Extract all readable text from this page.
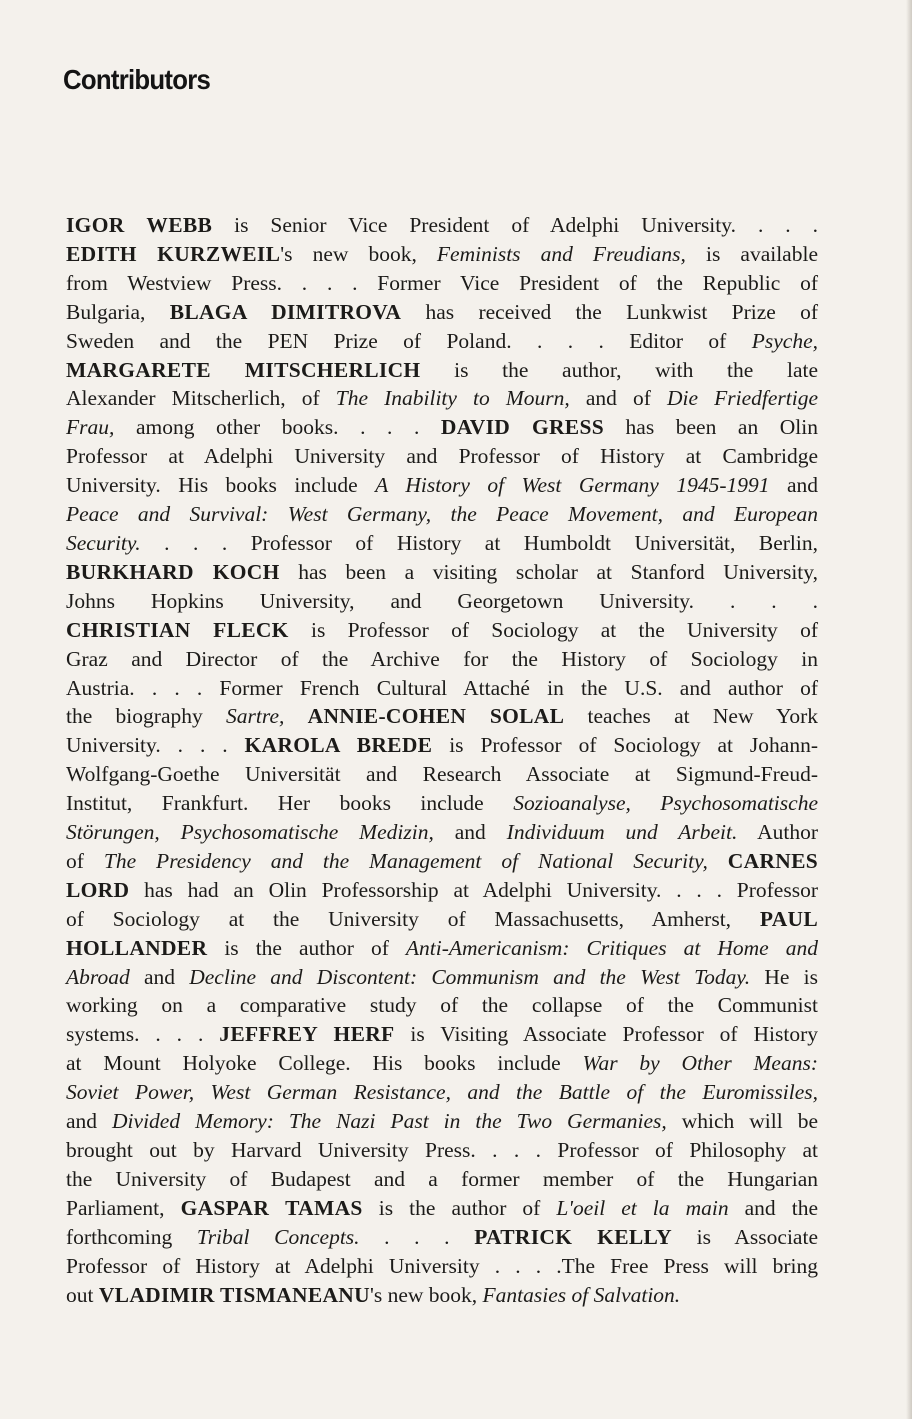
Contributors
IGOR WEBB is Senior Vice President of Adelphi University. . . .
EDITH KURZWEIL's new book, Feminists and Freudians, is available
from Westview Press. . . . Former Vice President of the Republic of
Bulgaria, BLAGA DIMITROVA has received the Lunkwist Prize of
Sweden and the PEN Prize of Poland. . . . Editor of Psyche,
MARGARETE MITSCHERLICH is the author, with the late
Alexander Mitscherlich, of The Inability to Mourn, and of Die Friedfertige
Frau, among other books. . . . DAVID GRESS has been an Olin
Professor at Adelphi University and Professor of History at Cambridge
University. His books include A History of West Germany 1945-1991 and
Peace and Survival: West Germany, the Peace Movement, and European
Security. . . . Professor of History at Humboldt Universität, Berlin,
BURKHARD KOCH has been a visiting scholar at Stanford University,
Johns Hopkins University, and Georgetown University. . . .
CHRISTIAN FLECK is Professor of Sociology at the University of
Graz and Director of the Archive for the History of Sociology in
Austria. . . . Former French Cultural Attaché in the U.S. and author of
the biography Sartre, ANNIE-COHEN SOLAL teaches at New York
University. . . . KAROLA BREDE is Professor of Sociology at Johann-
Wolfgang-Goethe Universität and Research Associate at Sigmund-Freud-
Institut, Frankfurt. Her books include Sozioanalyse, Psychosomatische
Störungen, Psychosomatische Medizin, and Individuum und Arbeit. Author
of The Presidency and the Management of National Security, CARNES
LORD has had an Olin Professorship at Adelphi University. . . . Professor
of Sociology at the University of Massachusetts, Amherst, PAUL
HOLLANDER is the author of Anti-Americanism: Critiques at Home and
Abroad and Decline and Discontent: Communism and the West Today. He is
working on a comparative study of the collapse of the Communist
systems. . . . JEFFREY HERF is Visiting Associate Professor of History
at Mount Holyoke College. His books include War by Other Means:
Soviet Power, West German Resistance, and the Battle of the Euromissiles,
and Divided Memory: The Nazi Past in the Two Germanies, which will be
brought out by Harvard University Press. . . . Professor of Philosophy at
the University of Budapest and a former member of the Hungarian
Parliament, GASPAR TAMAS is the author of L'oeil et la main and the
forthcoming Tribal Concepts. . . . PATRICK KELLY is Associate
Professor of History at Adelphi University . . . .The Free Press will bring
out VLADIMIR TISMANEANU's new book, Fantasies of Salvation.
